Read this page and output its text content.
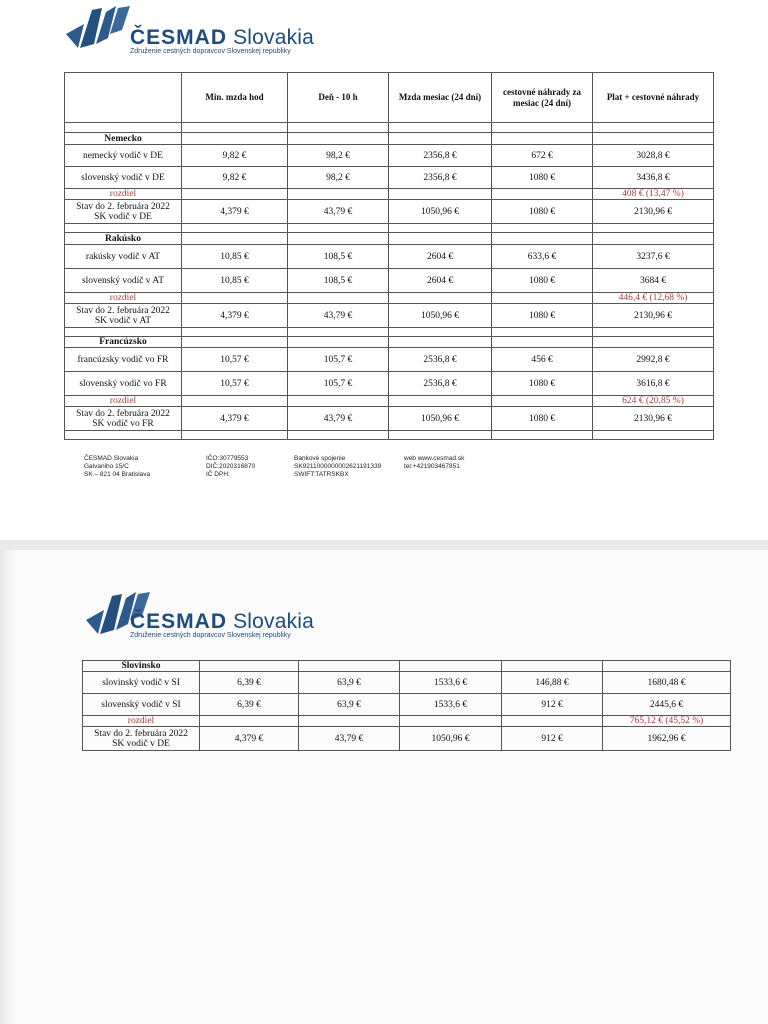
ČESMAD Slovakia
Združenie cestných dopravcov Slovenskej republiky
	Min. mzda hod	Deň - 10 h	Mzda mesiac (24 dní)	cestovné náhrady za mesiac (24 dní)	Plat + cestovné náhrady

Nemecko					
nemecký vodič v DE	9,82 €	98,2 €	2356,8 €	672 €	3028,8 €
slovenský vodič v DE	9,82 €	98,2 €	2356,8 €	1080 €	3436,8 €
rozdiel					408 € (13,47 %)
Stav do 2. februára 2022
SK vodič v DE	4,379 €	43,79 €	1050,96 €	1080 €	2130,96 €

Rakúsko					
rakúsky vodič v AT	10,85 €	108,5 €	2604 €	633,6 €	3237,6 €
slovenský vodič v AT	10,85 €	108,5 €	2604 €	1080 €	3684 €
rozdiel					446,4 € (12,68 %)
Stav do 2. februára 2022
SK vodič v AT	4,379 €	43,79 €	1050,96 €	1080 €	2130,96 €

Francúzsko					
francúzsky vodič vo FR	10,57 €	105,7 €	2536,8 €	456 €	2992,8 €
slovenský vodič vo FR	10,57 €	105,7 €	2536,8 €	1080 €	3616,8 €
rozdiel					624 € (20,85 %)
Stav do 2. februára 2022
SK vodič vo FR	4,379 €	43,79 €	1050,96 €	1080 €	2130,96 €

ČESMAD Slovakia
Galvaniho 15/C
SK – 821 04 Bratislava
IČO:30779553
DIČ:2020316870
IČ DPH:
Bankové spojenie
SK9211000000002621191339
SWIFT:TATRSKBX
web www.cesmad.sk
tel:+421903467851
ČESMAD Slovakia
Združenie cestných dopravcov Slovenskej republiky
Slovinsko					
slovinský vodič v SI	6,39 €	63,9 €	1533,6 €	146,88 €	1680,48 €
slovenský vodič v SI	6,39 €	63,9 €	1533,6 €	912 €	2445,6 €
rozdiel					765,12 € (45,52 %)
Stav do 2. februára 2022
SK vodič v DE	4,379 €	43,79 €	1050,96 €	912 €	1962,96 €
